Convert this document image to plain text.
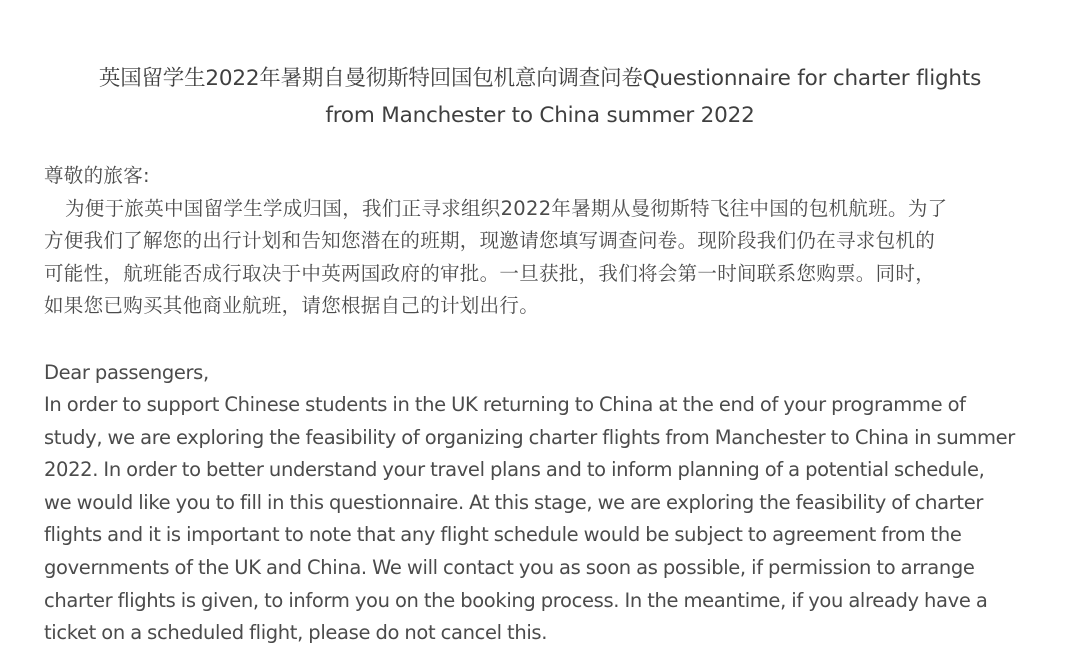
英国留学生2022年暑期自曼彻斯特回国包机意向调查问卷Questionnaire for charter flights
from Manchester to China summer 2022
尊敬的旅客:
为便于旅英中国留学生学成归国，我们正寻求组织2022年暑期从曼彻斯特飞往中国的包机航班。为了
方便我们了解您的出行计划和告知您潜在的班期，现邀请您填写调查问卷。现阶段我们仍在寻求包机的
可能性，航班能否成行取决于中英两国政府的审批。一旦获批，我们将会第一时间联系您购票。同时，
如果您已购买其他商业航班，请您根据自己的计划出行。
Dear passengers,
In order to support Chinese students in the UK returning to China at the end of your programme of
study, we are exploring the feasibility of organizing charter flights from Manchester to China in summer
2022. In order to better understand your travel plans and to inform planning of a potential schedule,
we would like you to fill in this questionnaire. At this stage, we are exploring the feasibility of charter
flights and it is important to note that any flight schedule would be subject to agreement from the
governments of the UK and China. We will contact you as soon as possible, if permission to arrange
charter flights is given, to inform you on the booking process. In the meantime, if you already have a
ticket on a scheduled flight, please do not cancel this.
